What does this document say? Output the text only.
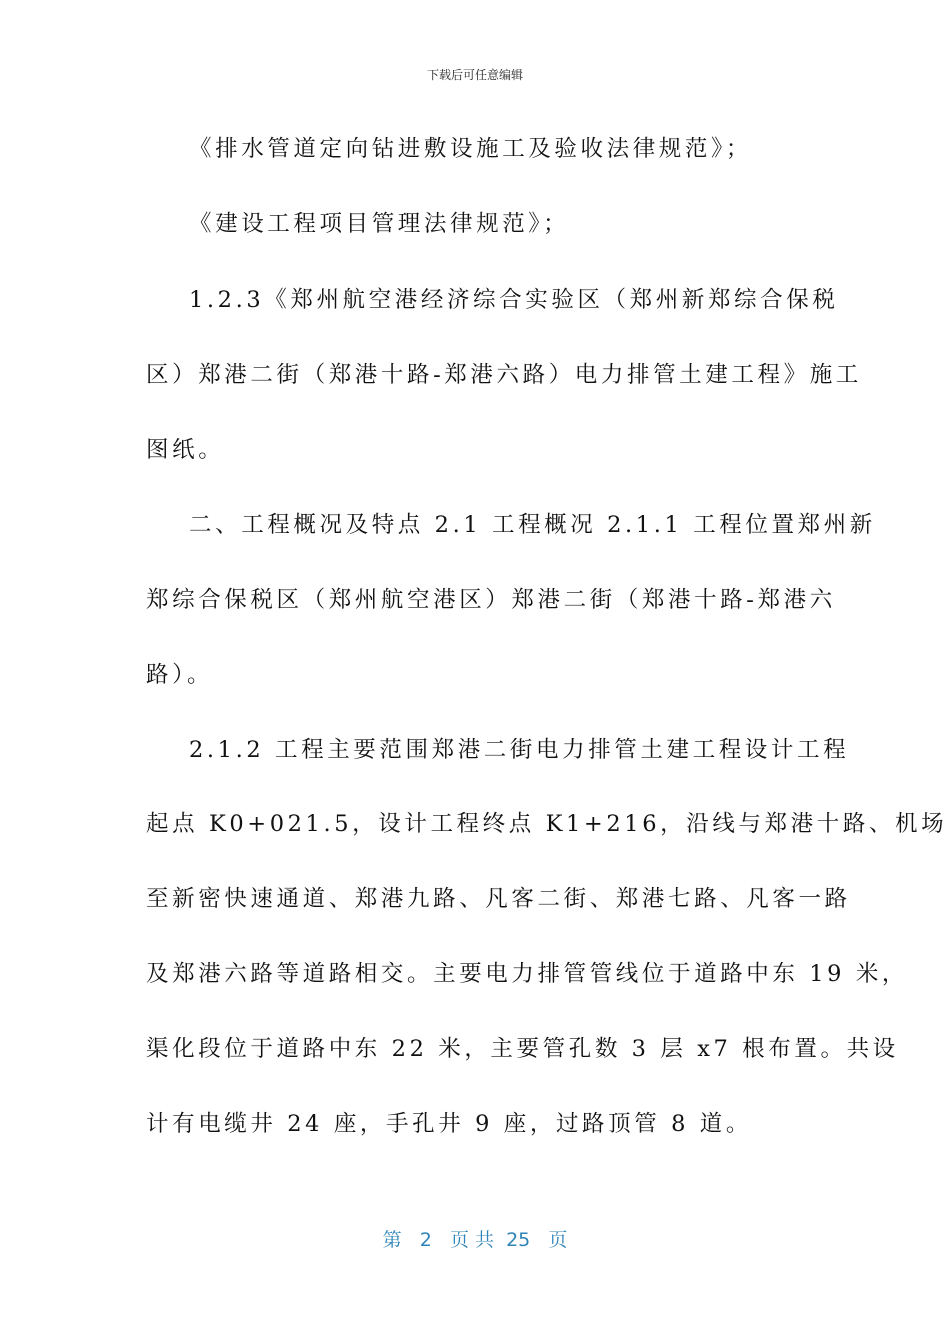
下载后可任意编辑
《排水管道定向钻进敷设施工及验收法律规范》；
《建设工程项目管理法律规范》；
1.2.3《郑州航空港经济综合实验区（郑州新郑综合保税
区）郑港二街（郑港十路-郑港六路）电力排管土建工程》施工
图纸。
二、工程概况及特点 2.1 工程概况 2.1.1 工程位置郑州新
郑综合保税区（郑州航空港区）郑港二街（郑港十路-郑港六
路）。
2.1.2 工程主要范围郑港二街电力排管土建工程设计工程
起点 K0+021.5，设计工程终点 K1+216，沿线与郑港十路、机场
至新密快速通道、郑港九路、凡客二街、郑港七路、凡客一路
及郑港六路等道路相交。主要电力排管管线位于道路中东 19 米，
渠化段位于道路中东 22 米，主要管孔数 3 层 x7 根布置。共设
计有电缆井 24 座，手孔井 9 座，过路顶管 8 道。
第 2 页 共 25 页
